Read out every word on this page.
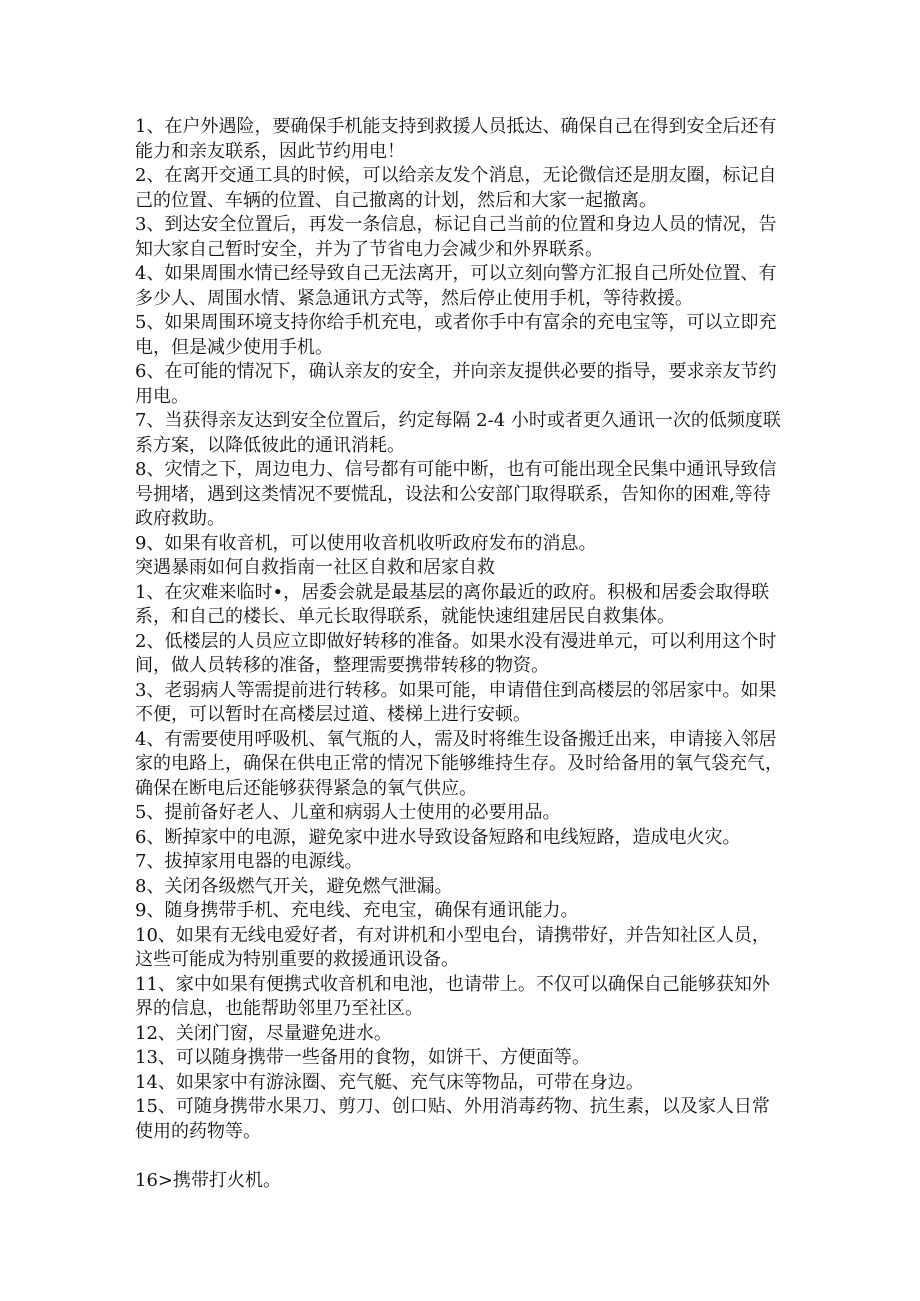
1、在户外遇险，要确保手机能支持到救援人员抵达、确保自己在得到安全后还有
能力和亲友联系，因此节约用电！
2、在离开交通工具的时候，可以给亲友发个消息，无论微信还是朋友圈，标记自
己的位置、车辆的位置、自己撤离的计划，然后和大家一起撤离。
3、到达安全位置后，再发一条信息，标记自己当前的位置和身边人员的情况，告
知大家自己暂时安全，并为了节省电力会减少和外界联系。
4、如果周围水情已经导致自己无法离开，可以立刻向警方汇报自己所处位置、有
多少人、周围水情、紧急通讯方式等，然后停止使用手机，等待救援。
5、如果周围环境支持你给手机充电，或者你手中有富余的充电宝等，可以立即充
电，但是减少使用手机。
6、在可能的情况下，确认亲友的安全，并向亲友提供必要的指导，要求亲友节约
用电。
7、当获得亲友达到安全位置后，约定每隔 2-4 小时或者更久通讯一次的低频度联
系方案，以降低彼此的通讯消耗。
8、灾情之下，周边电力、信号都有可能中断，也有可能出现全民集中通讯导致信
号拥堵，遇到这类情况不要慌乱，设法和公安部门取得联系，告知你的困难,等待
政府救助。
9、如果有收音机，可以使用收音机收听政府发布的消息。
突遇暴雨如何自救指南一社区自救和居家自救
1、在灾难来临时•，居委会就是最基层的离你最近的政府。积极和居委会取得联
系，和自己的楼长、单元长取得联系，就能快速组建居民自救集体。
2、低楼层的人员应立即做好转移的准备。如果水没有漫进单元，可以利用这个时
间，做人员转移的准备，整理需要携带转移的物资。
3、老弱病人等需提前进行转移。如果可能，申请借住到高楼层的邻居家中。如果
不便，可以暂时在高楼层过道、楼梯上进行安顿。
4、有需要使用呼吸机、氧气瓶的人，需及时将维生设备搬迁出来，申请接入邻居
家的电路上，确保在供电正常的情况下能够维持生存。及时给备用的氧气袋充气，
确保在断电后还能够获得紧急的氧气供应。
5、提前备好老人、儿童和病弱人士使用的必要用品。
6、断掉家中的电源，避免家中进水导致设备短路和电线短路，造成电火灾。
7、拔掉家用电器的电源线。
8、关闭各级燃气开关，避免燃气泄漏。
9、随身携带手机、充电线、充电宝，确保有通讯能力。
10、如果有无线电爱好者，有对讲机和小型电台，请携带好，并告知社区人员，
这些可能成为特别重要的救援通讯设备。
11、家中如果有便携式收音机和电池，也请带上。不仅可以确保自己能够获知外
界的信息，也能帮助邻里乃至社区。
12、关闭门窗，尽量避免进水。
13、可以随身携带一些备用的食物，如饼干、方便面等。
14、如果家中有游泳圈、充气艇、充气床等物品，可带在身边。
15、可随身携带水果刀、剪刀、创口贴、外用消毒药物、抗生素，以及家人日常
使用的药物等。
16>携带打火机。
